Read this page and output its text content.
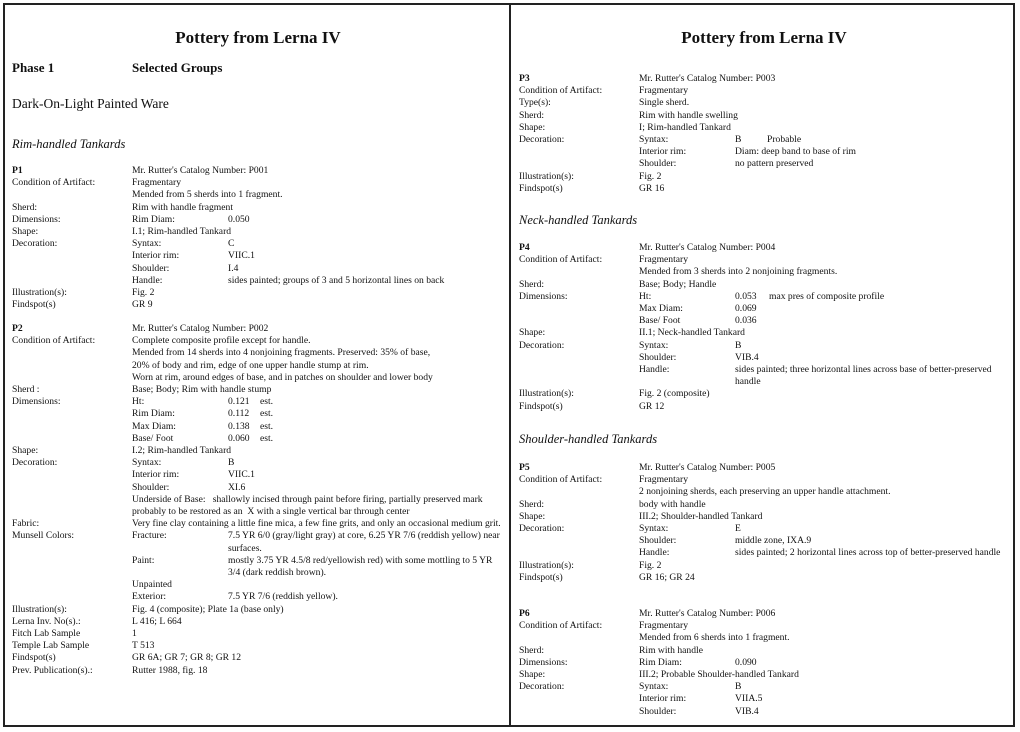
Pottery from Lerna IV
Phase 1	Selected Groups
Dark-On-Light Painted Ware

Rim-handled Tankards

P1	Mr. Rutter's Catalog Number: P001
Condition of Artifact:	Fragmentary
Mended from 5 sherds into 1 fragment.
Sherd:	Rim with handle fragment
Dimensions:	Rim Diam:	0.050
Shape:	I.1; Rim-handled Tankard
Decoration:	Syntax:	C
Interior rim:	VIIC.1
Shoulder:	I.4
Handle:	sides painted; groups of 3 and 5 horizontal lines on back
Illustration(s):	Fig. 2
Findspot(s)	GR 9
P2	Mr. Rutter's Catalog Number: P002
Condition of Artifact:	Complete composite profile except for handle.
Mended from 14 sherds into 4 nonjoining fragments. Preserved: 35% of base,
20% of body and rim, edge of one upper handle stump at rim.
Worn at rim, around edges of base, and in patches on shoulder and lower body
Sherd :	Base; Body; Rim with handle stump
Dimensions:	Ht:	0.121	est.
Rim Diam:	0.112	est.
Max Diam:	0.138	est.
Base/ Foot	0.060	est.
Shape:	I.2; Rim-handled Tankard
Decoration:	Syntax:	B
Interior rim:	VIIC.1
Shoulder:	XI.6
Underside of Base:   shallowly incised through paint before firing, partially preserved mark probably to be restored as an  X with a single vertical bar through center
Fabric:	Very fine clay containing a little fine mica, a few fine grits, and only an occasional medium grit.
Munsell Colors:	Fracture:	7.5 YR 6/0 (gray/light gray) at core, 6.25 YR 7/6 (reddish yellow) near surfaces.
Paint:	mostly 3.75 YR 4.5/8 red/yellowish red) with some mottling to 5 YR 3/4 (dark reddish brown).
Unpainted
Exterior:	7.5 YR 7/6 (reddish yellow).
Illustration(s):	Fig. 4 (composite); Plate 1a (base only)
Lerna Inv. No(s).:	L 416; L 664
Fitch Lab Sample	1
Temple Lab Sample	T 513
Findspot(s)	GR 6A; GR 7; GR 8; GR 12
Prev. Publication(s).:	Rutter 1988, fig. 18
Pottery from Lerna IV
P3	Mr. Rutter's Catalog Number: P003
Condition of Artifact:	Fragmentary
Type(s):	Single sherd.
Sherd:	Rim with handle swelling
Shape:	I; Rim-handled Tankard
Decoration:	Syntax:	B	Probable
Interior rim:	Diam: deep band to base of rim
Shoulder:	no pattern preserved
Illustration(s):	Fig. 2
Findspot(s)	GR 16

Neck-handled Tankards

P4	Mr. Rutter's Catalog Number: P004
Condition of Artifact:	Fragmentary
Mended from 3 sherds into 2 nonjoining fragments.
Sherd:	Base; Body; Handle
Dimensions:	Ht:	0.053	max pres of composite profile
Max Diam:	0.069
Base/ Foot	0.036
Shape:	II.1; Neck-handled Tankard
Decoration:	Syntax:	B
Shoulder:	VIB.4
Handle:	sides painted; three horizontal lines across base of better-preserved handle
Illustration(s):	Fig. 2 (composite)
Findspot(s)	GR 12

Shoulder-handled Tankards

P5	Mr. Rutter's Catalog Number: P005
Condition of Artifact:	Fragmentary
2 nonjoining sherds, each preserving an upper handle attachment.
Sherd:	body with handle
Shape:	III.2; Shoulder-handled Tankard
Decoration:	Syntax:	E
Shoulder:	middle zone, IXA.9
Handle:	sides painted; 2 horizontal lines across top of better-preserved handle
Illustration(s):	Fig. 2
Findspot(s)	GR 16; GR 24
P6	Mr. Rutter's Catalog Number: P006
Condition of Artifact:	Fragmentary
Mended from 6 sherds into 1 fragment.
Sherd:	Rim with handle
Dimensions:	Rim Diam:	0.090
Shape:	III.2; Probable Shoulder-handled Tankard
Decoration:	Syntax:	B
Interior rim:	VIIA.5
Shoulder:	VIB.4
